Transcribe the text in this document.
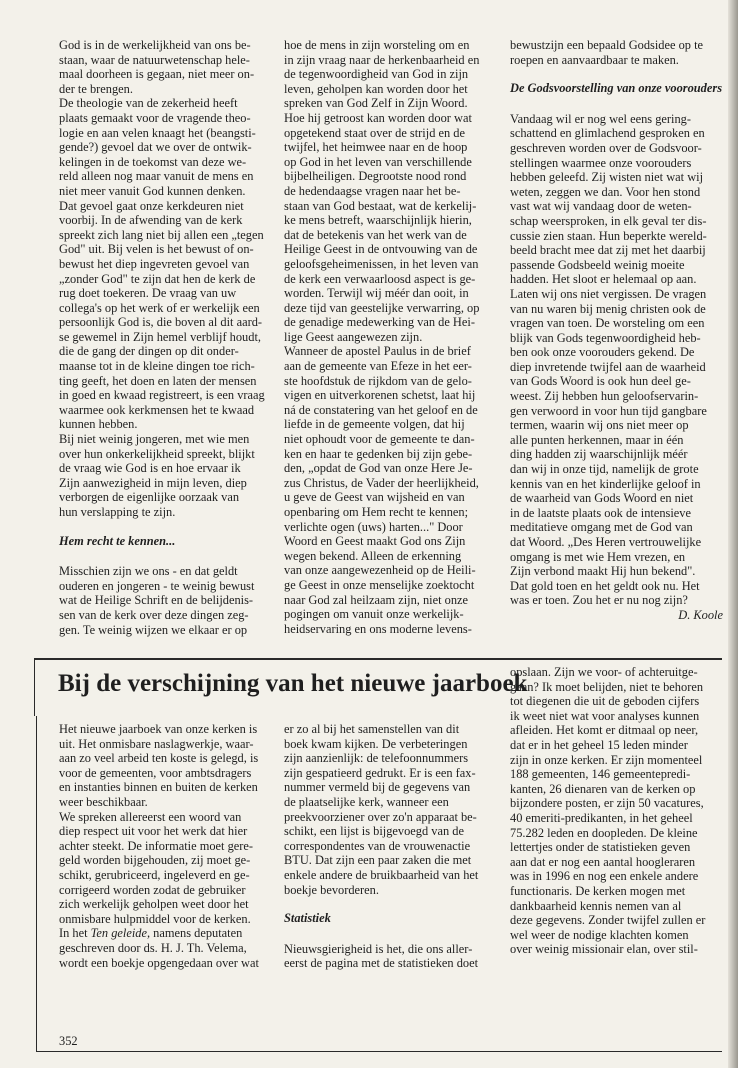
God is in de werkelijkheid van ons be-

staan, waar de natuurwetenschap hele-

maal doorheen is gegaan, niet meer on-

der te brengen.

De theologie van de zekerheid heeft

plaats gemaakt voor de vragende theo-

logie en aan velen knaagt het (beangsti-

gende?) gevoel dat we over de ontwik-

kelingen in de toekomst van deze we-

reld alleen nog maar vanuit de mens en

niet meer vanuit God kunnen denken.

Dat gevoel gaat onze kerkdeuren niet

voorbij. In de afwending van de kerk

spreekt zich lang niet bij allen een „tegen

God" uit. Bij velen is het bewust of on-

bewust het diep ingevreten gevoel van

„zonder God" te zijn dat hen de kerk de

rug doet toekeren. De vraag van uw

collega's op het werk of er werkelijk een

persoonlijk God is, die boven al dit aard-

se gewemel in Zijn hemel verblijf houdt,

die de gang der dingen op dit onder-

maanse tot in de kleine dingen toe rich-

ting geeft, het doen en laten der mensen

in goed en kwaad registreert, is een vraag

waarmee ook kerkmensen het te kwaad

kunnen hebben.

Bij niet weinig jongeren, met wie men

over hun onkerkelijkheid spreekt, blijkt

de vraag wie God is en hoe ervaar ik

Zijn aanwezigheid in mijn leven, diep

verborgen de eigenlijke oorzaak van

hun verslapping te zijn.

Hem recht te kennen...

Misschien zijn we ons - en dat geldt

ouderen en jongeren - te weinig bewust

wat de Heilige Schrift en de belijdenis-

sen van de kerk over deze dingen zeg-

gen. Te weinig wijzen we elkaar er op

hoe de mens in zijn worsteling om en

in zijn vraag naar de herkenbaarheid en

de tegenwoordigheid van God in zijn

leven, geholpen kan worden door het

spreken van God Zelf in Zijn Woord.

Hoe hij getroost kan worden door wat

opgetekend staat over de strijd en de

twijfel, het heimwee naar en de hoop

op God in het leven van verschillende

bijbelheiligen. Degrootste nood rond

de hedendaagse vragen naar het be-

staan van God bestaat, wat de kerkelij-

ke mens betreft, waarschijnlijk hierin,

dat de betekenis van het werk van de

Heilige Geest in de ontvouwing van de

geloofsgeheimenissen, in het leven van

de kerk een verwaarloosd aspect is ge-

worden. Terwijl wij méér dan ooit, in

deze tijd van geestelijke verwarring, op

de genadige medewerking van de Hei-

lige Geest aangewezen zijn.

Wanneer de apostel Paulus in de brief

aan de gemeente van Efeze in het eer-

ste hoofdstuk de rijkdom van de gelo-

vigen en uitverkorenen schetst, laat hij

ná de constatering van het geloof en de

liefde in de gemeente volgen, dat hij

niet ophoudt voor de gemeente te dan-

ken en haar te gedenken bij zijn gebe-

den, „opdat de God van onze Here Je-

zus Christus, de Vader der heerlijkheid,

u geve de Geest van wijsheid en van

openbaring om Hem recht te kennen;

verlichte ogen (uws) harten..." Door

Woord en Geest maakt God ons Zijn

wegen bekend. Alleen de erkenning

van onze aangewezenheid op de Heili-

ge Geest in onze menselijke zoektocht

naar God zal heilzaam zijn, niet onze

pogingen om vanuit onze werkelijk-

heidservaring en ons moderne levens-

bewustzijn een bepaald Godsidee op te

roepen en aanvaardbaar te maken.

De Godsvoorstelling van onze voorouders

Vandaag wil er nog wel eens gering-

schattend en glimlachend gesproken en

geschreven worden over de Godsvoor-

stellingen waarmee onze voorouders

hebben geleefd. Zij wisten niet wat wij

weten, zeggen we dan. Voor hen stond

vast wat wij vandaag door de weten-

schap weersproken, in elk geval ter dis-

cussie zien staan. Hun beperkte wereld-

beeld bracht mee dat zij met het daarbij

passende Godsbeeld weinig moeite

hadden. Het sloot er helemaal op aan.

Laten wij ons niet vergissen. De vragen

van nu waren bij menig christen ook de

vragen van toen. De worsteling om een

blijk van Gods tegenwoordigheid heb-

ben ook onze voorouders gekend. De

diep invretende twijfel aan de waarheid

van Gods Woord is ook hun deel ge-

weest. Zij hebben hun geloofservarin-

gen verwoord in voor hun tijd gangbare

termen, waarin wij ons niet meer op

alle punten herkennen, maar in één

ding hadden zij waarschijnlijk méér

dan wij in onze tijd, namelijk de grote

kennis van en het kinderlijke geloof in

de waarheid van Gods Woord en niet

in de laatste plaats ook de intensieve

meditatieve omgang met de God van

dat Woord. „Des Heren vertrouwelijke

omgang is met wie Hem vrezen, en

Zijn verbond maakt Hij hun bekend".

Dat gold toen en het geldt ook nu. Het

was er toen. Zou het er nu nog zijn?

D. Koole

Bij de verschijning van het nieuwe jaarboek

Het nieuwe jaarboek van onze kerken is

uit. Het onmisbare naslagwerkje, waar-

aan zo veel arbeid ten koste is gelegd, is

voor de gemeenten, voor ambtsdragers

en instanties binnen en buiten de kerken

weer beschikbaar.

We spreken allereerst een woord van

diep respect uit voor het werk dat hier

achter steekt. De informatie moet gere-

geld worden bijgehouden, zij moet ge-

schikt, gerubriceerd, ingeleverd en ge-

corrigeerd worden zodat de gebruiker

zich werkelijk geholpen weet door het

onmisbare hulpmiddel voor de kerken.

In het Ten geleide, namens deputaten

geschreven door ds. H. J. Th. Velema,

wordt een boekje opgengedaan over wat

er zo al bij het samenstellen van dit

boek kwam kijken. De verbeteringen

zijn aanzienlijk: de telefoonnummers

zijn gespatieerd gedrukt. Er is een fax-

nummer vermeld bij de gegevens van

de plaatselijke kerk, wanneer een

preekvoorziener over zo'n apparaat be-

schikt, een lijst is bijgevoegd van de

correspondentes van de vrouwenactie

BTU. Dat zijn een paar zaken die met

enkele andere de bruikbaarheid van het

boekje bevorderen.

Statistiek

Nieuwsgierigheid is het, die ons aller-

eerst de pagina met de statistieken doet

opslaan. Zijn we voor- of achteruitge-

gaan? Ik moet belijden, niet te behoren

tot diegenen die uit de geboden cijfers

ik weet niet wat voor analyses kunnen

afleiden. Het komt er ditmaal op neer,

dat er in het geheel 15 leden minder

zijn in onze kerken. Er zijn momenteel

188 gemeenten, 146 gemeentepredi-

kanten, 26 dienaren van de kerken op

bijzondere posten, er zijn 50 vacatures,

40 emeriti-predikanten, in het geheel

75.282 leden en doopleden. De kleine

lettertjes onder de statistieken geven

aan dat er nog een aantal hoogleraren

was in 1996 en nog een enkele andere

functionaris. De kerken mogen met

dankbaarheid kennis nemen van al

deze gegevens. Zonder twijfel zullen er

wel weer de nodige klachten komen

over weinig missionair elan, over stil-

352
